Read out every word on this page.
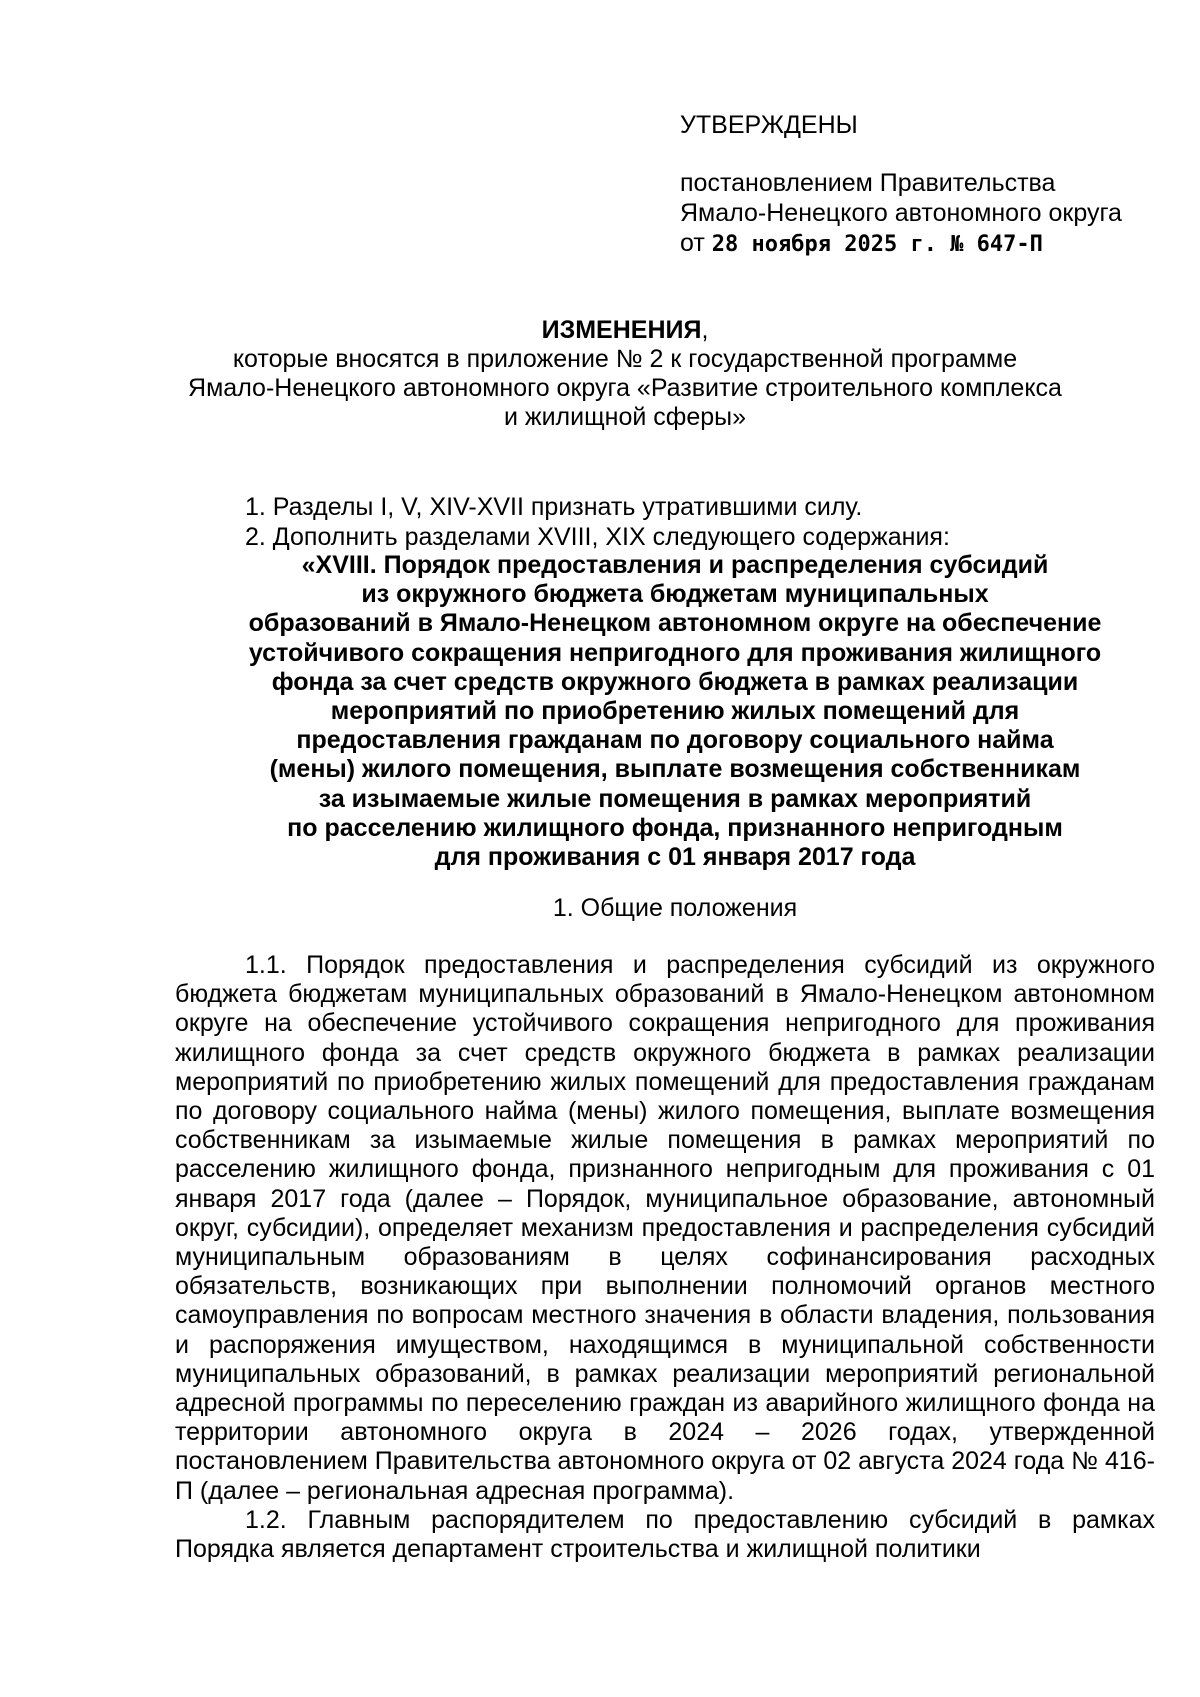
УТВЕРЖДЕНЫ
постановлением Правительства
Ямало-Ненецкого автономного округа
от 28 ноября 2025 г. № 647-П
ИЗМЕНЕНИЯ,
которые вносятся в приложение № 2 к государственной программе
Ямало-Ненецкого автономного округа «Развитие строительного комплекса
и жилищной сферы»
1. Разделы I, V, XIV-XVII признать утратившими силу.
2. Дополнить разделами XVIII, XIX следующего содержания:
«XVIII. Порядок предоставления и распределения субсидий
из окружного бюджета бюджетам муниципальных
образований в Ямало-Ненецком автономном округе на обеспечение
устойчивого сокращения непригодного для проживания жилищного
фонда за счет средств окружного бюджета в рамках реализации
мероприятий по приобретению жилых помещений для
предоставления гражданам по договору социального найма
(мены) жилого помещения, выплате возмещения собственникам
за изымаемые жилые помещения в рамках мероприятий
по расселению жилищного фонда, признанного непригодным
для проживания с 01 января 2017 года
1. Общие положения

1.1. Порядок предоставления и распределения субсидий из окружного бюджета бюджетам муниципальных образований в Ямало-Ненецком автономном округе на обеспечение устойчивого сокращения непригодного для проживания жилищного фонда за счет средств окружного бюджета в рамках реализации мероприятий по приобретению жилых помещений для предоставления гражданам по договору социального найма (мены) жилого помещения, выплате возмещения собственникам за изымаемые жилые помещения в рамках мероприятий по расселению жилищного фонда, признанного непригодным для проживания с 01 января 2017 года (далее – Порядок, муниципальное образование, автономный округ, субсидии), определяет механизм предоставления и распределения субсидий муниципальным образованиям в целях софинансирования расходных обязательств, возникающих при выполнении полномочий органов местного самоуправления по вопросам местного значения в области владения, пользования и распоряжения имуществом, находящимся в муниципальной собственности муниципальных образований, в рамках реализации мероприятий региональной адресной программы по переселению граждан из аварийного жилищного фонда на территории автономного округа в 2024 – 2026 годах, утвержденной постановлением Правительства автономного округа от 02 августа 2024 года № 416-П (далее – региональная адресная программа).

1.2. Главным распорядителем по предоставлению субсидий в рамках Порядка является департамент строительства и жилищной политики
